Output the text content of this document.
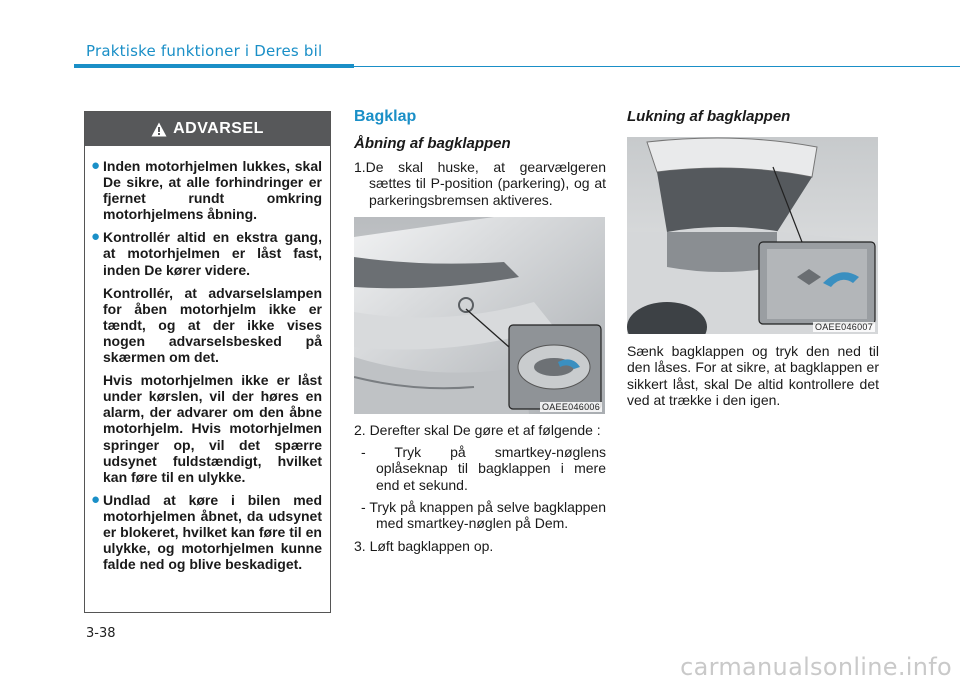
Praktiske funktioner i Deres bil
ADVARSEL
● Inden motorhjelmen lukkes, skal De sikre, at alle forhindringer er fjernet rundt omkring motorhjelmens åbning.
● Kontrollér altid en ekstra gang, at motorhjelmen er låst fast, inden De kører videre.
Kontrollér, at advarselslampen for åben motorhjelm ikke er tændt, og at der ikke vises nogen advarselsbesked på skærmen om det.
Hvis motorhjelmen ikke er låst under kørslen, vil der høres en alarm, der advarer om den åbne motorhjelm. Hvis motorhjelmen springer op, vil det spærre udsynet fuldstændigt, hvilket kan føre til en ulykke.
● Undlad at køre i bilen med motorhjelmen åbnet, da udsynet er blokeret, hvilket kan føre til en ulykke, og motorhjelmen kunne falde ned og blive beskadiget.
Bagklap
Åbning af bagklappen
1.De skal huske, at gearvælgeren sættes til P-position (parkering), og at parkeringsbremsen aktiveres.
OAEE046006
2. Derefter skal De gøre et af følgende :
- Tryk på smartkey-nøglens oplåseknap til bagklappen i mere end et sekund.
- Tryk på knappen på selve bagklappen med smartkey-nøglen på Dem.
3. Løft bagklappen op.
Lukning af bagklappen
OAEE046007
Sænk bagklappen og tryk den ned til den låses. For at sikre, at bagklappen er sikkert låst, skal De altid kontrollere det ved at trække i den igen.
3-38
carmanualsonline.info
